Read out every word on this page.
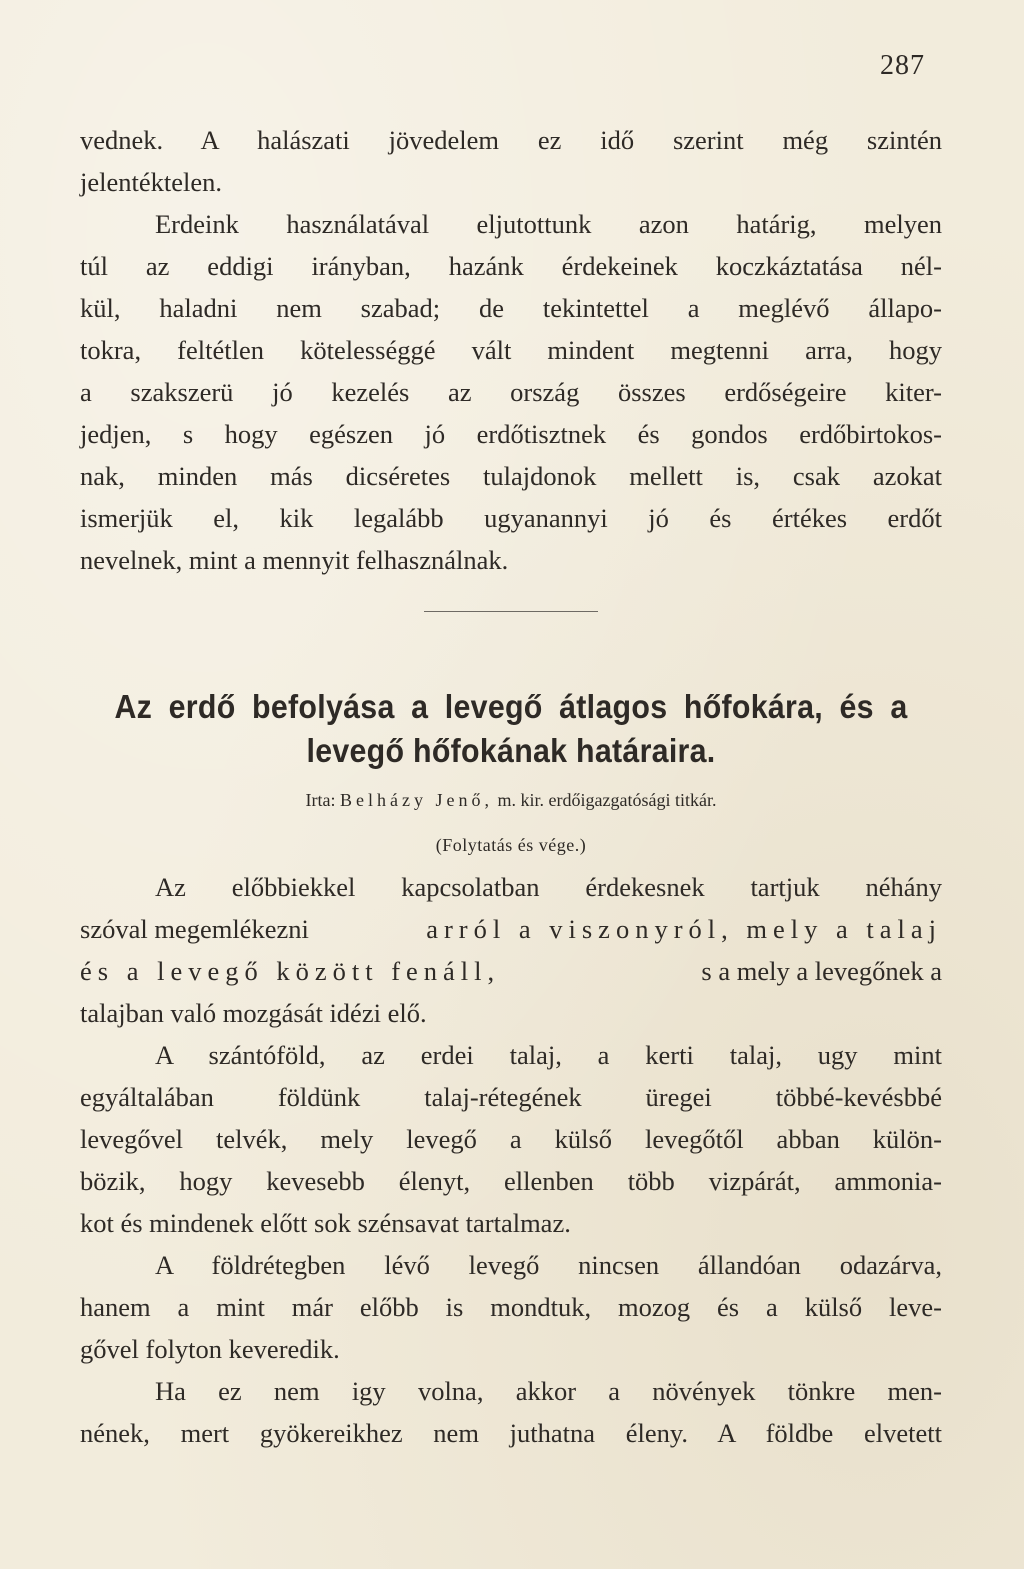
287
vednek. A halászati jövedelem ez idő szerint még szintén
jelentéktelen.
Erdeink használatával eljutottunk azon határig, melyen
túl az eddigi irányban, hazánk érdekeinek koczkáztatása nél-
kül, haladni nem szabad; de tekintettel a meglévő állapo-
tokra, feltétlen kötelességgé vált mindent megtenni arra, hogy
a szakszerü jó kezelés az ország összes erdőségeire kiter-
jedjen, s hogy egészen jó erdőtisztnek és gondos erdőbirtokos-
nak, minden más dicséretes tulajdonok mellett is, csak azokat
ismerjük el, kik legalább ugyanannyi jó és értékes erdőt
nevelnek, mint a mennyit felhasználnak.
Az erdő befolyása a levegő átlagos hőfokára, és a
levegő hőfokának határaira.
Irta: Belházy Jenő, m. kir. erdőigazgatósági titkár.
(Folytatás és vége.)
Az előbbiekkel kapcsolatban érdekesnek tartjuk néhány
szóval megemlékezni	arról a viszonyról, mely a talaj
és a levegő között fenáll,	s a mely a levegőnek a
talajban való mozgását idézi elő.
A szántóföld, az erdei talaj, a kerti talaj, ugy mint
egyáltalában földünk talaj-rétegének üregei többé-kevésbbé
levegővel telvék, mely levegő a külső levegőtől abban külön-
bözik, hogy kevesebb élenyt, ellenben több vizpárát, ammonia-
kot és mindenek előtt sok szénsavat tartalmaz.
A földrétegben lévő levegő nincsen állandóan odazárva,
hanem a mint már előbb is mondtuk, mozog és a külső leve-
gővel folyton keveredik.
Ha ez nem igy volna, akkor a növények tönkre men-
nének, mert gyökereikhez nem juthatna éleny. A földbe elvetett
